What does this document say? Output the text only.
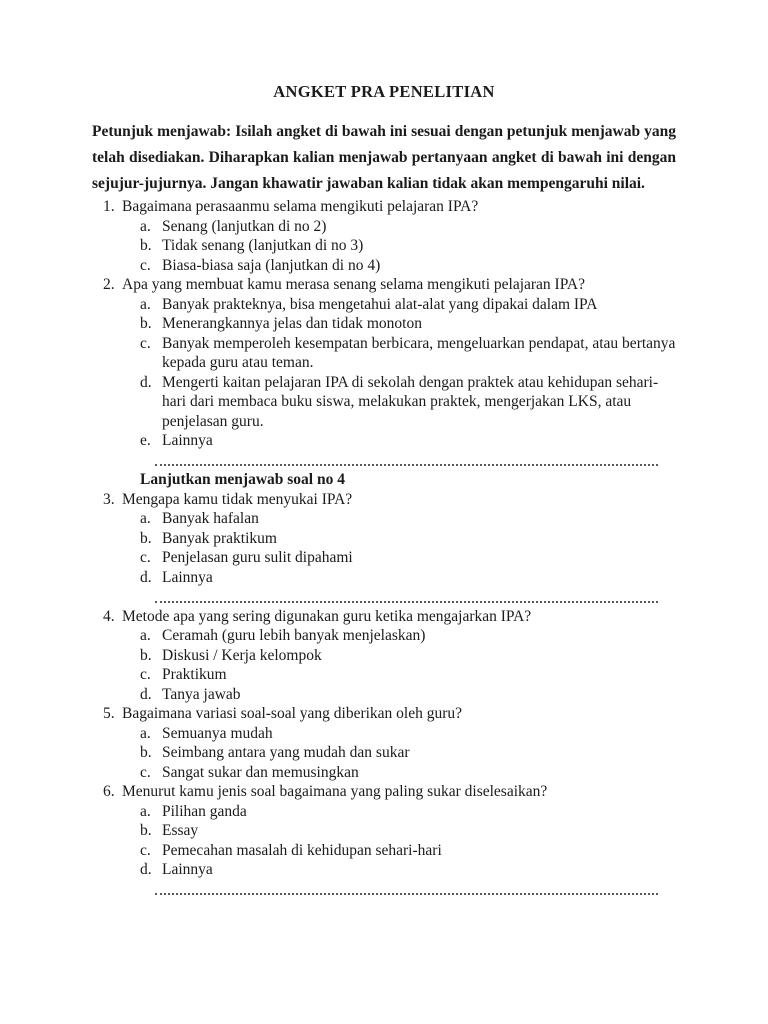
ANGKET PRA PENELITIAN
Petunjuk menjawab: Isilah angket di bawah ini sesuai dengan petunjuk menjawab yang telah disediakan. Diharapkan kalian menjawab pertanyaan angket di bawah ini dengan sejujur-jujurnya. Jangan khawatir jawaban kalian tidak akan mempengaruhi nilai.
1. Bagaimana perasaanmu selama mengikuti pelajaran IPA?
a. Senang (lanjutkan di no 2)
b. Tidak senang (lanjutkan di no 3)
c. Biasa-biasa saja (lanjutkan di no 4)
2. Apa yang membuat kamu merasa senang selama mengikuti pelajaran IPA?
a. Banyak prakteknya, bisa mengetahui alat-alat yang dipakai dalam IPA
b. Menerangkannya jelas dan tidak monoton
c. Banyak memperoleh kesempatan berbicara, mengeluarkan pendapat, atau bertanya kepada guru atau teman.
d. Mengerti kaitan pelajaran IPA di sekolah dengan praktek atau kehidupan sehari-hari dari membaca buku siswa, melakukan praktek, mengerjakan LKS, atau penjelasan guru.
e. Lainnya
Lanjutkan menjawab soal no 4
3. Mengapa kamu tidak menyukai IPA?
a. Banyak hafalan
b. Banyak praktikum
c. Penjelasan guru sulit dipahami
d. Lainnya
4. Metode apa yang sering digunakan guru ketika mengajarkan IPA?
a. Ceramah (guru lebih banyak menjelaskan)
b. Diskusi / Kerja kelompok
c. Praktikum
d. Tanya jawab
5. Bagaimana variasi soal-soal yang diberikan oleh guru?
a. Semuanya mudah
b. Seimbang antara yang mudah dan sukar
c. Sangat sukar dan memusingkan
6. Menurut kamu jenis soal bagaimana yang paling sukar diselesaikan?
a. Pilihan ganda
b. Essay
c. Pemecahan masalah di kehidupan sehari-hari
d. Lainnya
